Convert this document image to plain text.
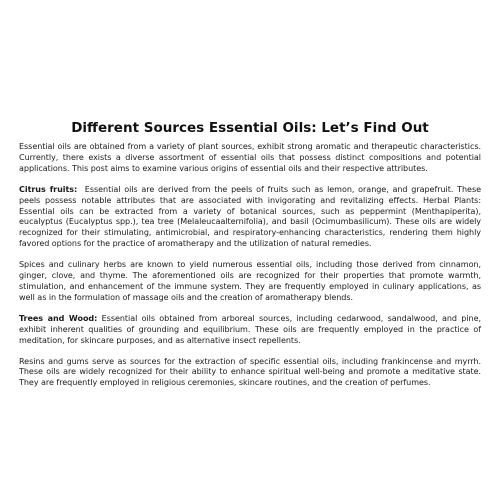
Different Sources Essential Oils: Let’s Find Out

Essential oils are obtained from a variety of plant sources, exhibit strong aromatic and therapeutic characteristics. Currently, there exists a diverse assortment of essential oils that possess distinct compositions and potential applications. This post aims to examine various origins of essential oils and their respective attributes.

Citrus fruits: Essential oils are derived from the peels of fruits such as lemon, orange, and grapefruit. These peels possess notable attributes that are associated with invigorating and revitalizing effects. Herbal Plants: Essential oils can be extracted from a variety of botanical sources, such as peppermint (Menthapiperita), eucalyptus (Eucalyptus spp.), tea tree (Melaleucaalternifolia), and basil (Ocimumbasilicum). These oils are widely recognized for their stimulating, antimicrobial, and respiratory-enhancing characteristics, rendering them highly favored options for the practice of aromatherapy and the utilization of natural remedies.

Spices and culinary herbs are known to yield numerous essential oils, including those derived from cinnamon, ginger, clove, and thyme. The aforementioned oils are recognized for their properties that promote warmth, stimulation, and enhancement of the immune system. They are frequently employed in culinary applications, as well as in the formulation of massage oils and the creation of aromatherapy blends.

Trees and Wood: Essential oils obtained from arboreal sources, including cedarwood, sandalwood, and pine, exhibit inherent qualities of grounding and equilibrium. These oils are frequently employed in the practice of meditation, for skincare purposes, and as alternative insect repellents.

Resins and gums serve as sources for the extraction of specific essential oils, including frankincense and myrrh. These oils are widely recognized for their ability to enhance spiritual well-being and promote a meditative state. They are frequently employed in religious ceremonies, skincare routines, and the creation of perfumes.
